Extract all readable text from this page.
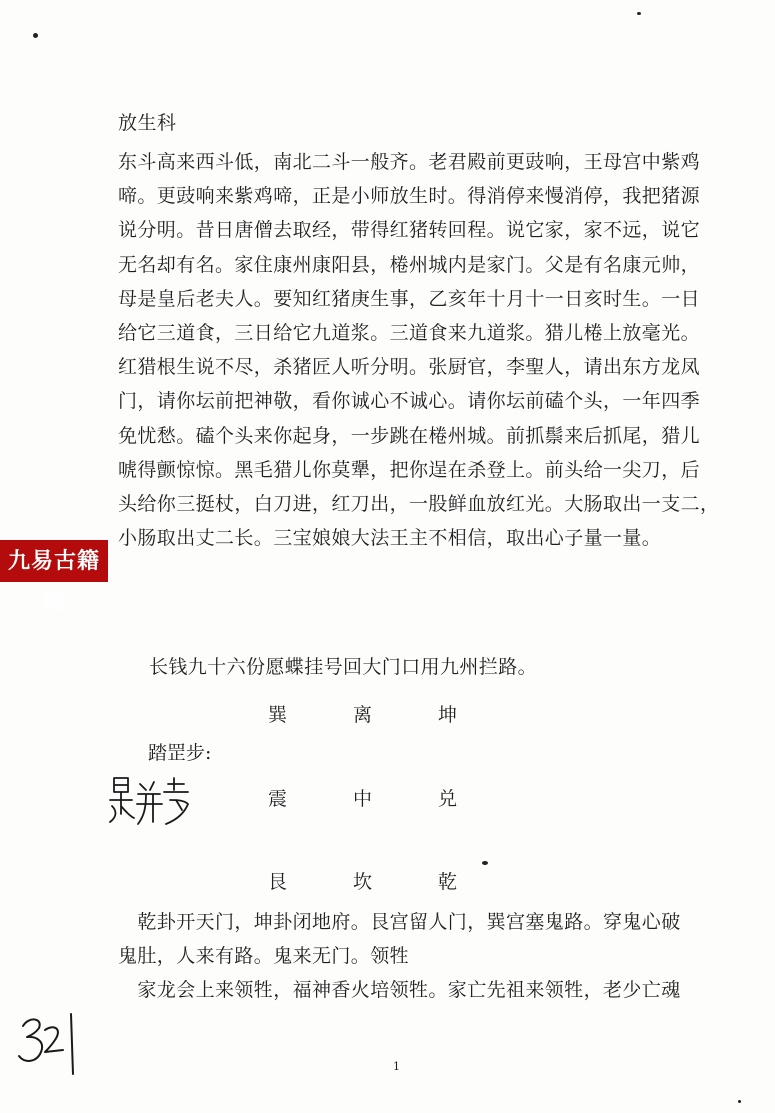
放生科
东斗高来西斗低，南北二斗一般齐。老君殿前更豉响，王母宫中紫鸡
啼。更豉响来紫鸡啼，正是小师放生时。得消停来慢消停，我把猪源
说分明。昔日唐僧去取经，带得红猪转回程。说它家，家不远，说它
无名却有名。家住康州康阳县，棬州城内是家门。父是有名康元帅，
母是皇后老夫人。要知红猪庚生事，乙亥年十月十一日亥时生。一日
给它三道食，三日给它九道浆。三道食来九道浆。猎儿棬上放毫光。
红猎根生说不尽，杀猪匠人听分明。张厨官，李聖人，请出东方龙凤
门，请你坛前把神敬，看你诚心不诚心。请你坛前磕个头，一年四季
免忧愁。磕个头来你起身，一步跳在棬州城。前抓鬃来后抓尾，猎儿
唬得颤惊惊。黑毛猎儿你莫犟，把你逞在杀登上。前头给一尖刀，后
头给你三挺杖，白刀进，红刀出，一股鲜血放红光。大肠取出一支二，
小肠取出丈二长。三宝娘娘大法王主不相信，取出心子量一量。
长钱九十六份愿蝶挂号回大门口用九州拦路。
巽	离	坤
踏罡步:
震	中	兑
艮	坎	乾
　乾卦开天门，坤卦闭地府。艮宫留人门，巽宫塞鬼路。穿鬼心破
鬼肚，人来有路。鬼来无门。领牲
　家龙会上来领牲，福神香火培领牲。家亡先祖来领牲，老少亡魂
1
九易古籍网
